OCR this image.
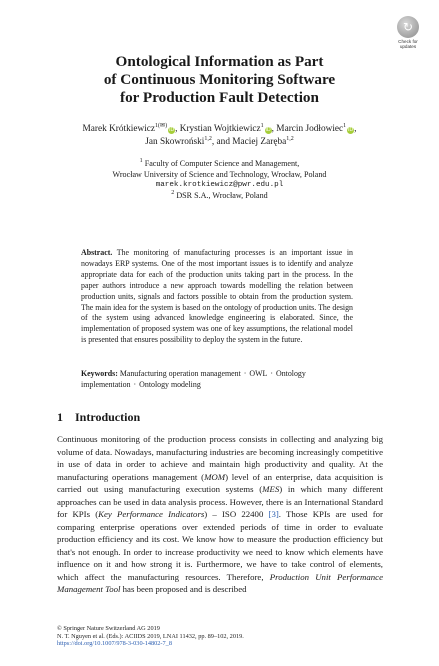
↻
Check for
updates
Ontological Information as Part
of Continuous Monitoring Software
for Production Fault Detection
Marek Krótkiewicz$^{1(✉)}$iD, Krystian Wojtkiewicz$^1$iD, Marcin Jodłowiec$^1$iD,
Jan Skowroński$^{1,2}$, and Maciej Zaręba$^{1,2}$
$^1$ Faculty of Computer Science and Management,
Wrocław University of Science and Technology, Wrocław, Poland
marek.krotkiewicz@pwr.edu.pl
$^2$ DSR S.A., Wrocław, Poland

Abstract. The monitoring of manufacturing processes is an important issue in nowadays ERP systems. One of the most important issues is to identify and analyze appropriate data for each of the production units taking part in the process. In the paper authors introduce a new approach towards modelling the relation between production units, signals and factors possible to obtain from the production system. The main idea for the system is based on the ontology of production units. The design of the system using advanced knowledge engineering is elaborated. Since, the implementation of proposed system was one of key assumptions, the relational model is presented that ensures possibility to deploy the system in the future.

Keywords: Manufacturing operation management · OWL · Ontology implementation · Ontology modeling

1 Introduction

Continuous monitoring of the production process consists in collecting and analyzing big volume of data. Nowadays, manufacturing industries are becoming increasingly competitive in use of data in order to achieve and maintain high productivity and quality. At the manufacturing operations management (MOM) level of an enterprise, data acquisition is carried out using manufacturing execution systems (MES) in which many different approaches can be used in data analysis process. However, there is an International Standard for KPIs (Key Performance Indicators) – ISO 22400 [3]. Those KPIs are used for comparing enterprise operations over extended periods of time in order to evaluate production efficiency and its cost. We know how to measure the production efficiency but that's not enough. In order to increase productivity we need to know which elements have influence on it and how strong it is. Furthermore, we have to take control of elements, which affect the manufacturing resources. Therefore, Production Unit Performance Management Tool has been proposed and is described

© Springer Nature Switzerland AG 2019
N. T. Nguyen et al. (Eds.): ACIIDS 2019, LNAI 11432, pp. 89–102, 2019.
https://doi.org/10.1007/978-3-030-14802-7_8
